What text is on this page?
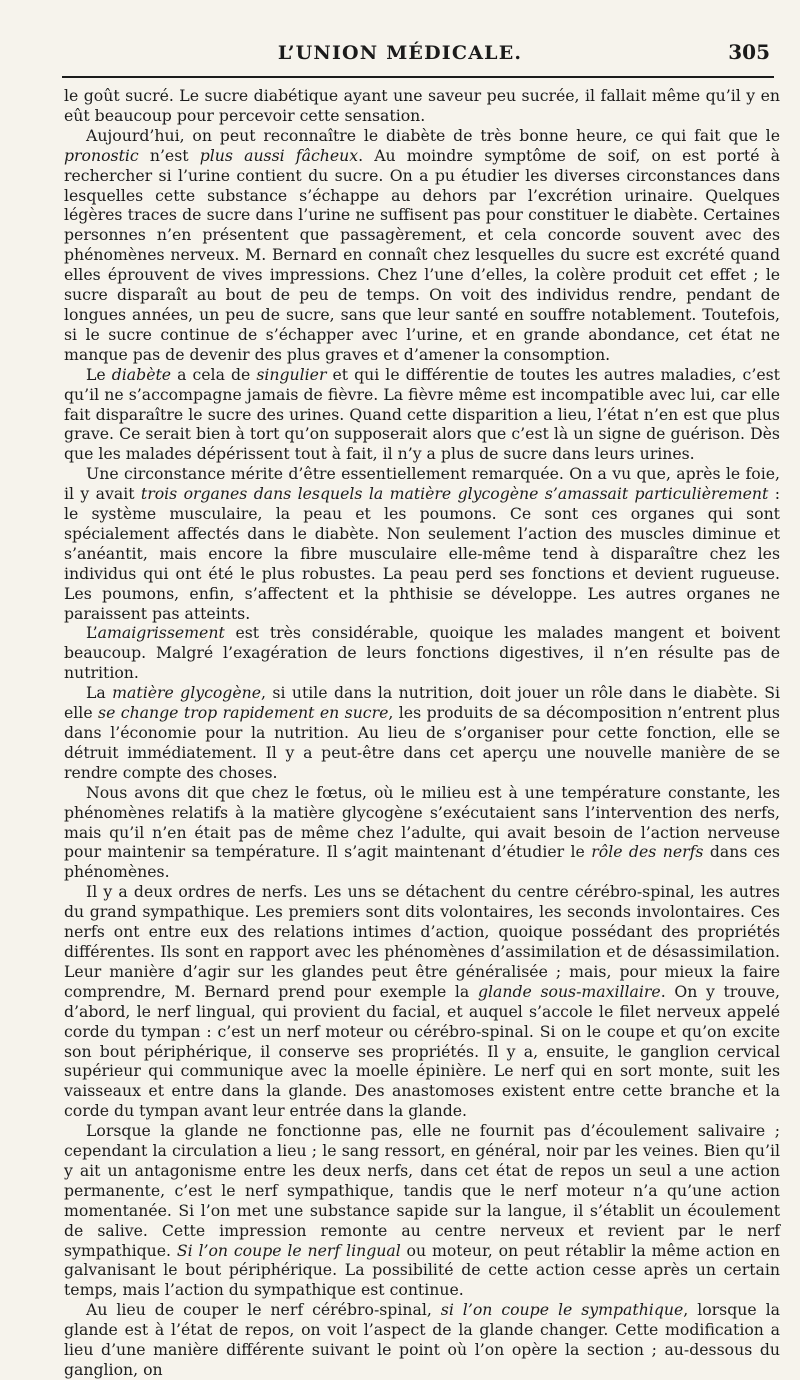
L’UNION MÉDICALE.	305

le goût sucré. Le sucre diabétique ayant une saveur peu sucrée, il fallait même qu’il y en eût beaucoup pour percevoir cette sensation.

Aujourd’hui, on peut reconnaître le diabète de très bonne heure, ce qui fait que le pronostic n’est plus aussi fâcheux. Au moindre symptôme de soif, on est porté à rechercher si l’urine contient du sucre. On a pu étudier les diverses circonstances dans lesquelles cette substance s’échappe au dehors par l’excrétion urinaire. Quelques légères traces de sucre dans l’urine ne suffisent pas pour constituer le diabète. Certaines personnes n’en présentent que passagèrement, et cela concorde souvent avec des phénomènes nerveux. M. Bernard en connaît chez lesquelles du sucre est excrété quand elles éprouvent de vives impressions. Chez l’une d’elles, la colère produit cet effet ; le sucre disparaît au bout de peu de temps. On voit des individus rendre, pendant de longues années, un peu de sucre, sans que leur santé en souffre notablement. Toutefois, si le sucre continue de s’échapper avec l’urine, et en grande abondance, cet état ne manque pas de devenir des plus graves et d’amener la consomption.

Le diabète a cela de singulier et qui le différentie de toutes les autres maladies, c’est qu’il ne s’accompagne jamais de fièvre. La fièvre même est incompatible avec lui, car elle fait disparaître le sucre des urines. Quand cette disparition a lieu, l’état n’en est que plus grave. Ce serait bien à tort qu’on supposerait alors que c’est là un signe de guérison. Dès que les malades dépérissent tout à fait, il n’y a plus de sucre dans leurs urines.

Une circonstance mérite d’être essentiellement remarquée. On a vu que, après le foie, il y avait trois organes dans lesquels la matière glycogène s’amassait particulièrement : le système musculaire, la peau et les poumons. Ce sont ces organes qui sont spécialement affectés dans le diabète. Non seulement l’action des muscles diminue et s’anéantit, mais encore la fibre musculaire elle-même tend à disparaître chez les individus qui ont été le plus robustes. La peau perd ses fonctions et devient rugueuse. Les poumons, enfin, s’affectent et la phthisie se développe. Les autres organes ne paraissent pas atteints.

L’amaigrissement est très considérable, quoique les malades mangent et boivent beaucoup. Malgré l’exagération de leurs fonctions digestives, il n’en résulte pas de nutrition.

La matière glycogène, si utile dans la nutrition, doit jouer un rôle dans le diabète. Si elle se change trop rapidement en sucre, les produits de sa décomposition n’entrent plus dans l’économie pour la nutrition. Au lieu de s’organiser pour cette fonction, elle se détruit immédiatement. Il y a peut-être dans cet aperçu une nouvelle manière de se rendre compte des choses.

Nous avons dit que chez le fœtus, où le milieu est à une température constante, les phénomènes relatifs à la matière glycogène s’exécutaient sans l’intervention des nerfs, mais qu’il n’en était pas de même chez l’adulte, qui avait besoin de l’action nerveuse pour maintenir sa température. Il s’agit maintenant d’étudier le rôle des nerfs dans ces phénomènes.

Il y a deux ordres de nerfs. Les uns se détachent du centre cérébro-spinal, les autres du grand sympathique. Les premiers sont dits volontaires, les seconds involontaires. Ces nerfs ont entre eux des relations intimes d’action, quoique possédant des propriétés différentes. Ils sont en rapport avec les phénomènes d’assimilation et de désassimilation. Leur manière d’agir sur les glandes peut être généralisée ; mais, pour mieux la faire comprendre, M. Bernard prend pour exemple la glande sous-maxillaire. On y trouve, d’abord, le nerf lingual, qui provient du facial, et auquel s’accole le filet nerveux appelé corde du tympan : c’est un nerf moteur ou cérébro-spinal. Si on le coupe et qu’on excite son bout périphérique, il conserve ses propriétés. Il y a, ensuite, le ganglion cervical supérieur qui communique avec la moelle épinière. Le nerf qui en sort monte, suit les vaisseaux et entre dans la glande. Des anastomoses existent entre cette branche et la corde du tympan avant leur entrée dans la glande.

Lorsque la glande ne fonctionne pas, elle ne fournit pas d’écoulement salivaire ; cependant la circulation a lieu ; le sang ressort, en général, noir par les veines. Bien qu’il y ait un antagonisme entre les deux nerfs, dans cet état de repos un seul a une action permanente, c’est le nerf sympathique, tandis que le nerf moteur n’a qu’une action momentanée. Si l’on met une substance sapide sur la langue, il s’établit un écoulement de salive. Cette impression remonte au centre nerveux et revient par le nerf sympathique. Si l’on coupe le nerf lingual ou moteur, on peut rétablir la même action en galvanisant le bout périphérique. La possibilité de cette action cesse après un certain temps, mais l’action du sympathique est continue.

Au lieu de couper le nerf cérébro-spinal, si l’on coupe le sympathique, lorsque la glande est à l’état de repos, on voit l’aspect de la glande changer. Cette modification a lieu d’une manière différente suivant le point où l’on opère la section ; au-dessous du ganglion, on
